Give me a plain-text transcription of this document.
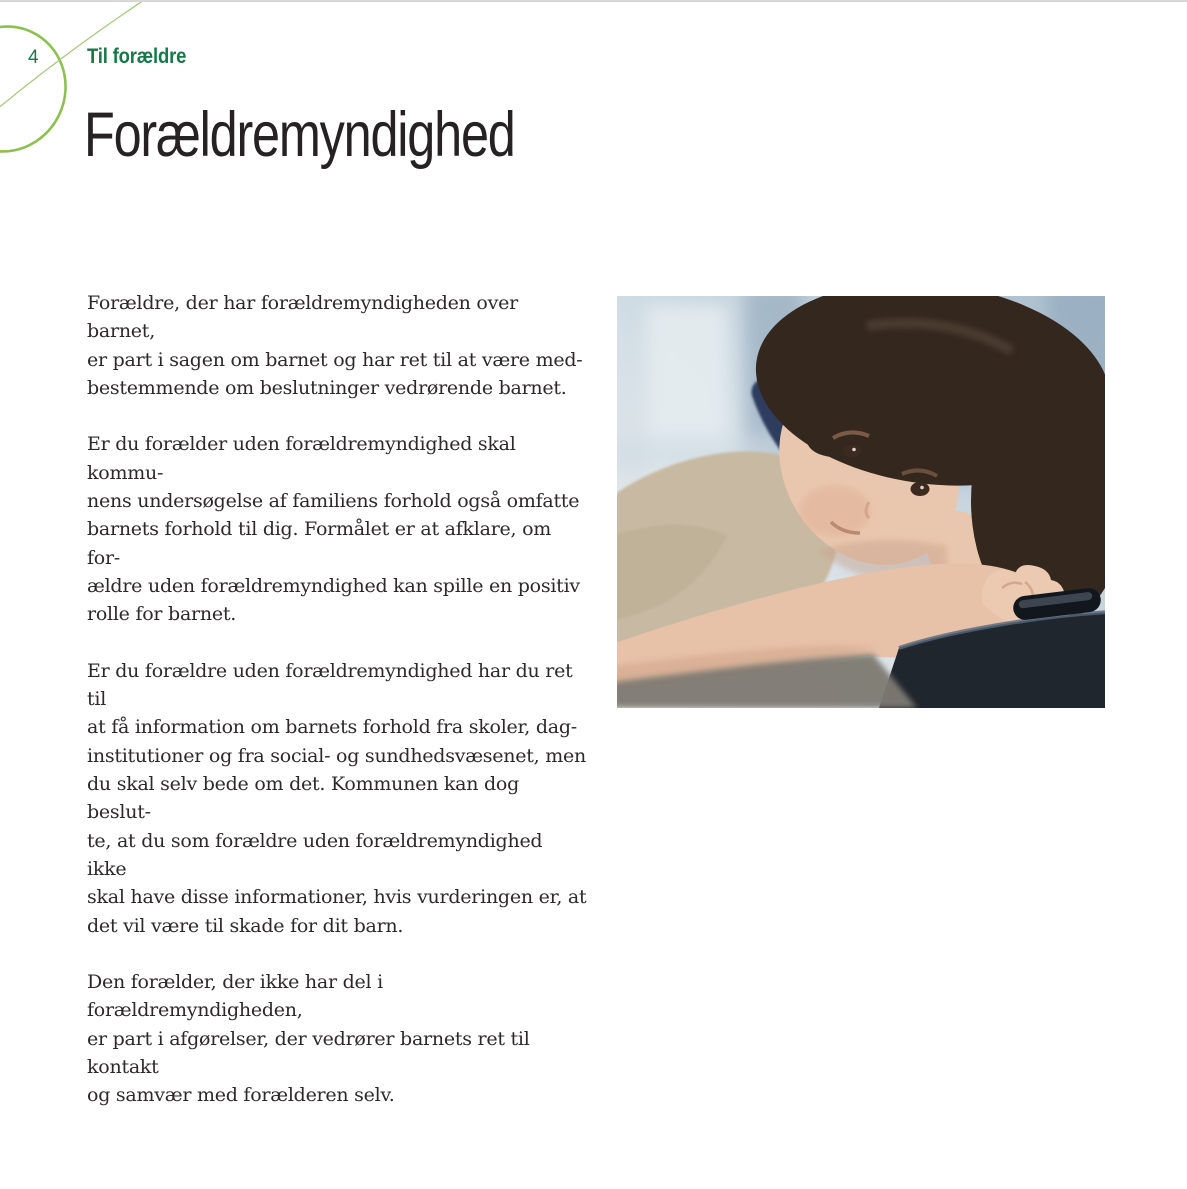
4 Til forældre
Forældremyndighed

Forældre, der har forældremyndigheden over barnet,
er part i sagen om barnet og har ret til at være med-
bestemmende om beslutninger vedrørende barnet.

Er du forælder uden forældremyndighed skal kommu-
nens undersøgelse af familiens forhold også omfatte
barnets forhold til dig. Formålet er at afklare, om for-
ældre uden forældremyndighed kan spille en positiv
rolle for barnet.

Er du forældre uden forældremyndighed har du ret til
at få information om barnets forhold fra skoler, dag-
institutioner og fra social- og sundhedsvæsenet, men
du skal selv bede om det. Kommunen kan dog beslut-
te, at du som forældre uden forældremyndighed ikke
skal have disse informationer, hvis vurderingen er, at
det vil være til skade for dit barn.

Den forælder, der ikke har del i forældremyndigheden,
er part i afgørelser, der vedrører barnets ret til kontakt
og samvær med forælderen selv.
